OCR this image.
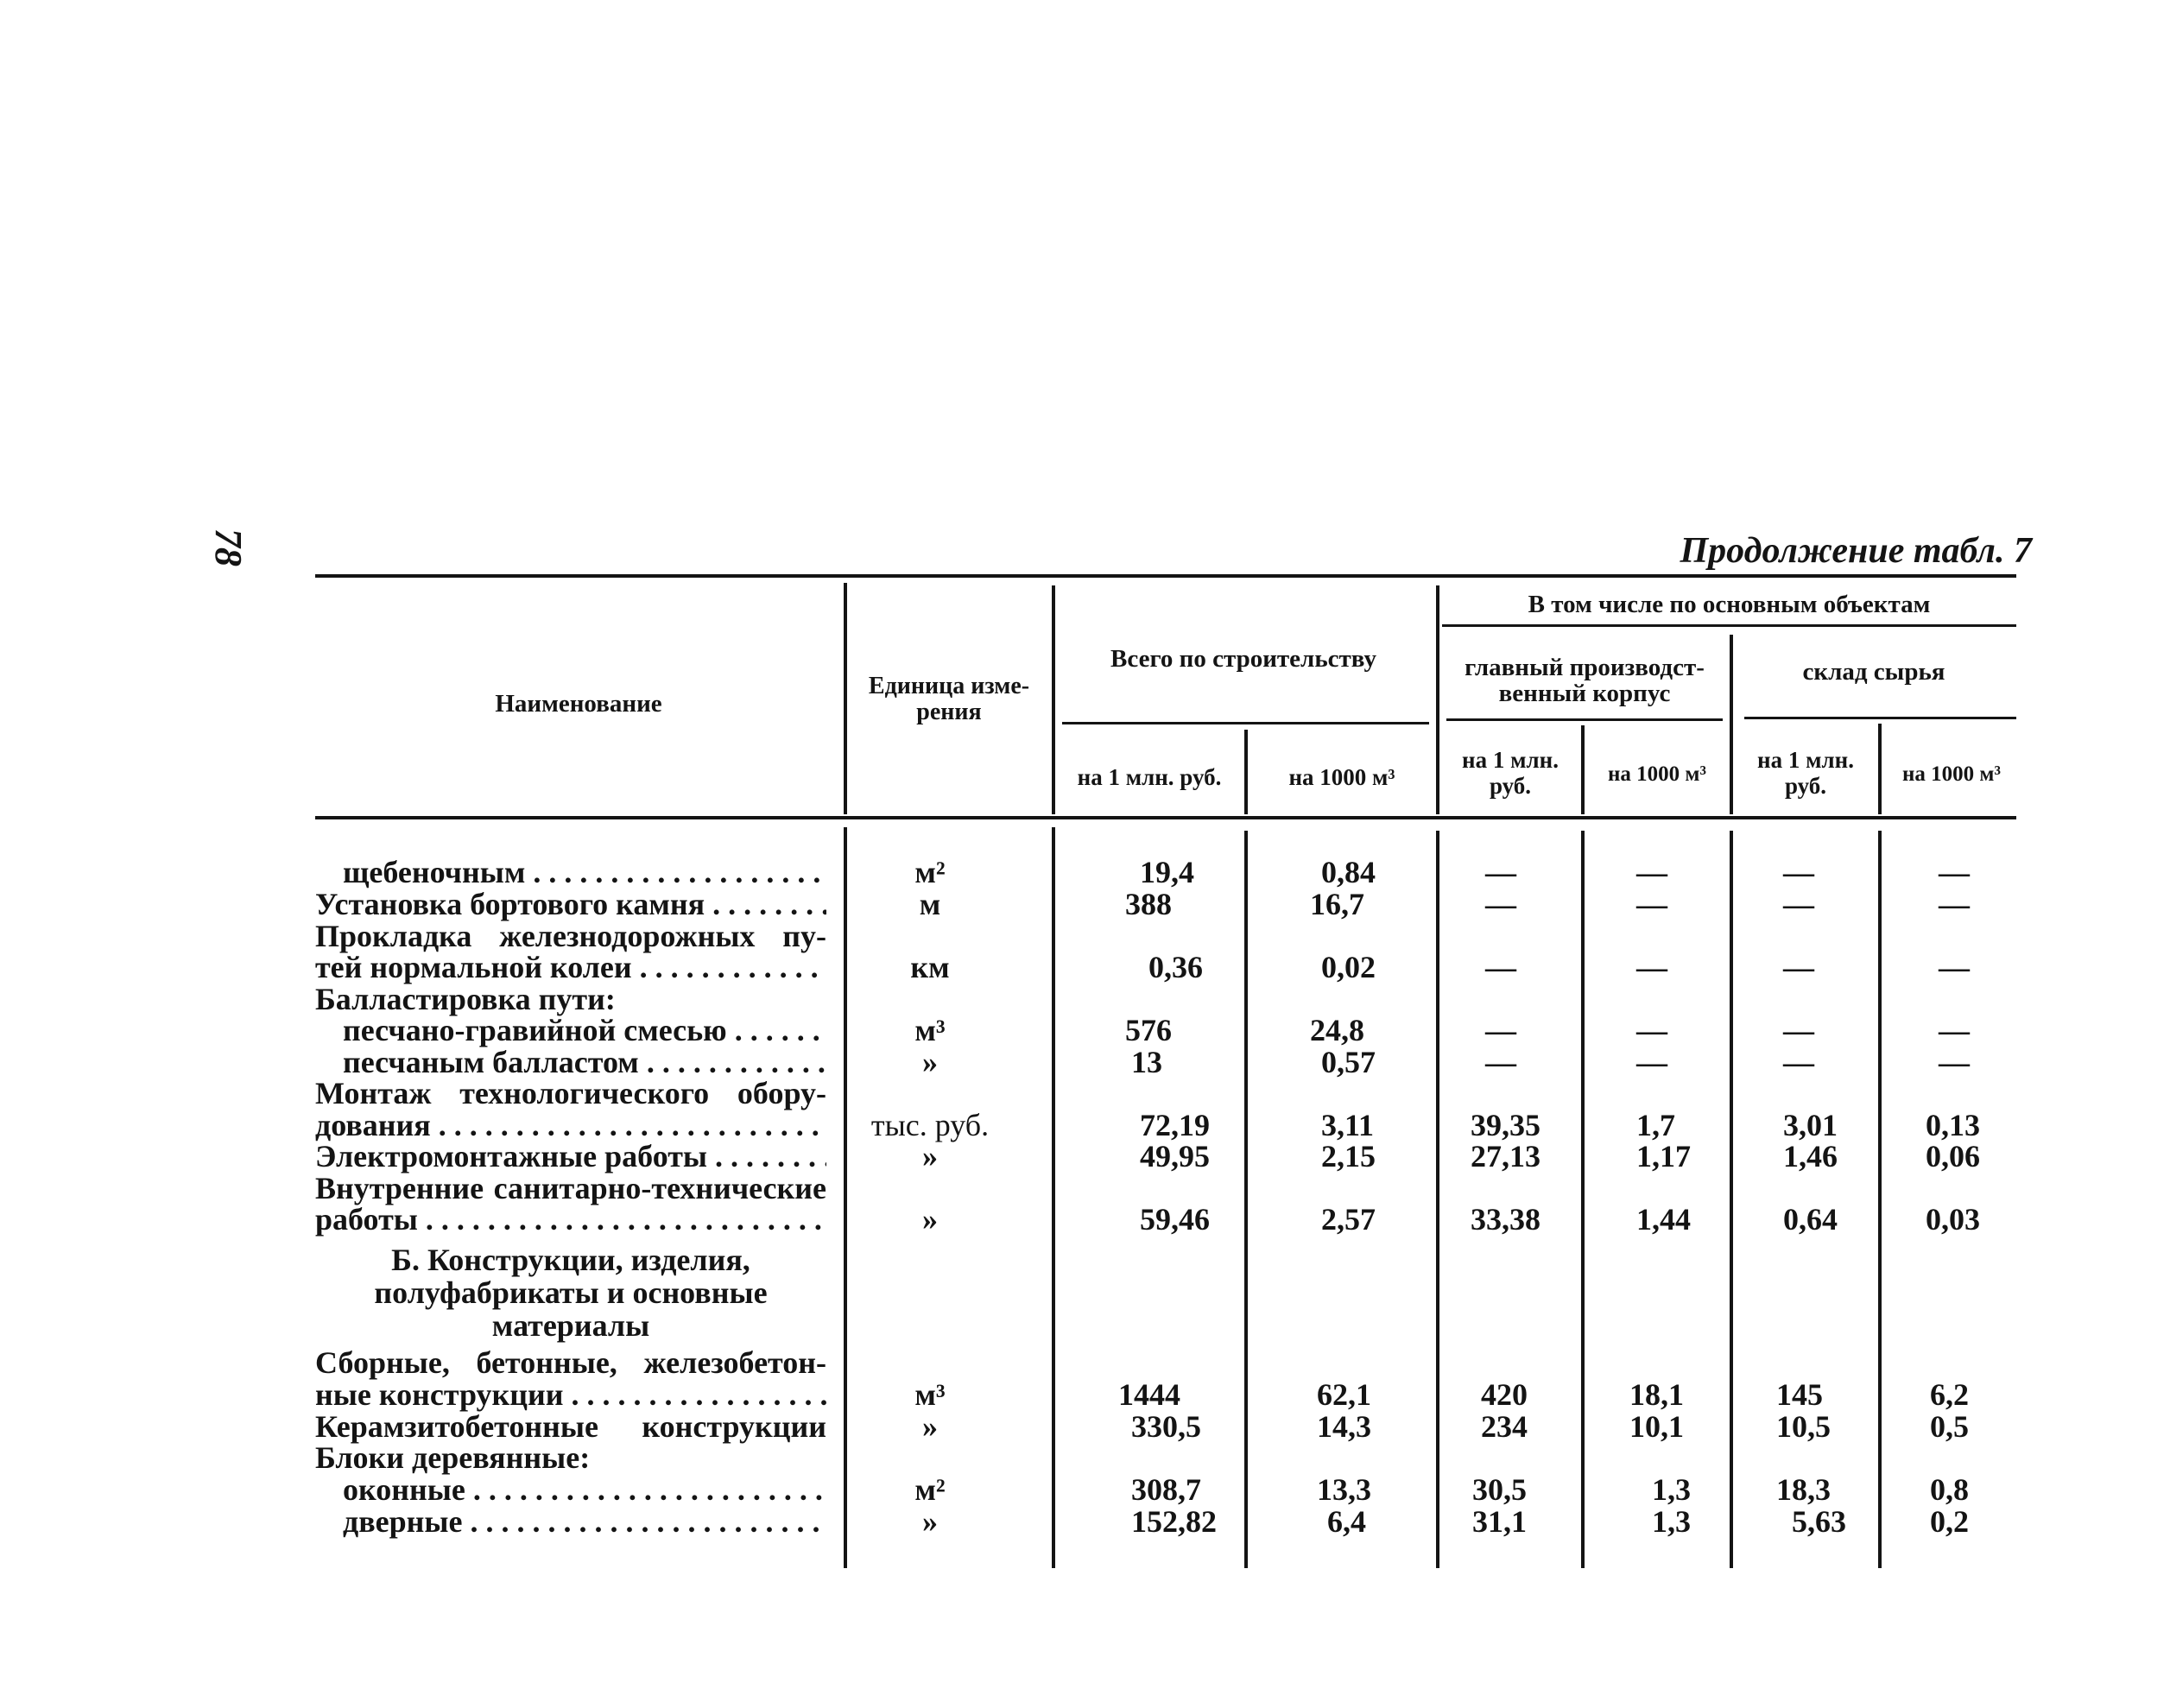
78	Продолжение табл. 7
Наименование
Единица изме-рения
Всего по строительству
В том числе по основным объектам
главный производст-венный корпус
склад сырья
на 1 млн. руб.	на 1000 м³
на 1 млн. руб.	на 1000 м³
на 1 млн. руб.	на 1000 м³
щебеночным . . .	м²	19,4	0,84	—	—	—	—
Установка бортового камня . . .	м	388	16,7	—	—	—	—
Прокладка железнодорожных пу-
тей нормальной колеи . . .	км	0,36	0,02	—	—	—	—
Балластировка пути:
песчано-гравийной смесью . . .	м³	576	24,8	—	—	—	—
песчаным балластом . . .	»	13	0,57	—	—	—	—
Монтаж технологического обору-
дования . . .	тыс. руб.	72,19	3,11	39,35	1,7	3,01	0,13
Электромонтажные работы . . .	»	49,95	2,15	27,13	1,17	1,46	0,06
Внутренние санитарно-технические
работы . . .	»	59,46	2,57	33,38	1,44	0,64	0,03
Б. Конструкции, изделия, полуфабрикаты и основные материалы
Сборные, бетонные, железобетон-
ные конструкции . . .	м³	1444	62,1	420	18,1	145	6,2
Керамзитобетонные конструкции	»	330,5	14,3	234	10,1	10,5	0,5
Блоки деревянные:
оконные . . .	м²	308,7	13,3	30,5	1,3	18,3	0,8
дверные . . .	»	152,82	6,4	31,1	1,3	5,63	0,2
